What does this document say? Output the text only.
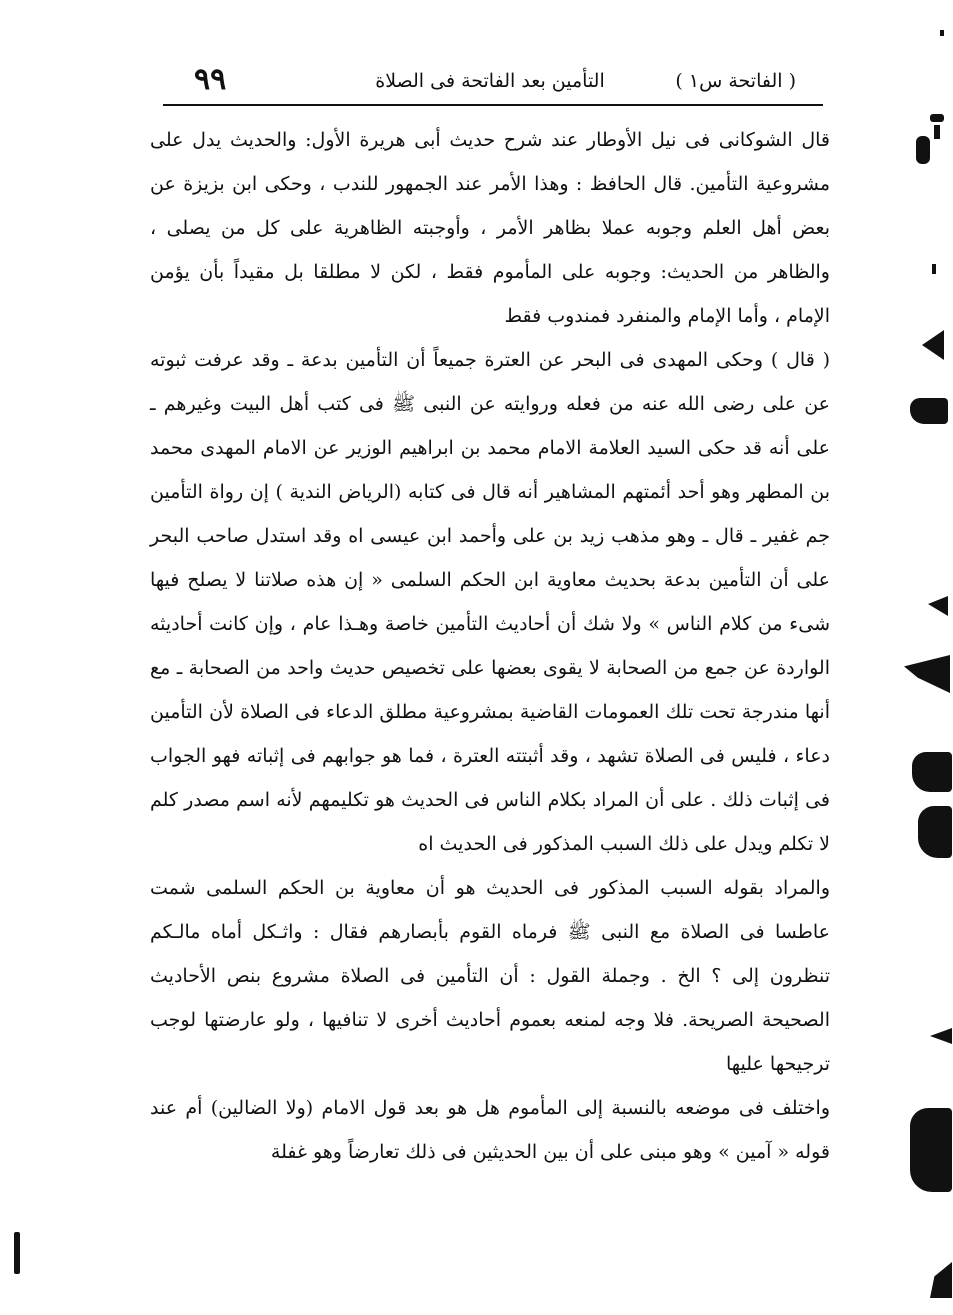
( الفاتحة س١ )
التأمين بعد الفاتحة فى الصلاة
٩٩

قال الشوكانى فى نيل الأوطار عند شرح حديث أبى هريرة الأول: والحديث يدل على مشروعية التأمين. قال الحافظ : وهذا الأمر عند الجمهور للندب ، وحكى ابن بزيزة عن بعض أهل العلم وجوبه عملا بظاهر الأمر ، وأوجبته الظاهرية على كل من يصلى ، والظاهر من الحديث: وجوبه على المأموم فقط ، لكن لا مطلقا بل مقيداً بأن يؤمن الإمام ، وأما الإمام والمنفرد فمندوب فقط

( قال ) وحكى المهدى فى البحر عن العترة جميعاً أن التأمين بدعة ـ وقد عرفت ثبوته عن على رضى الله عنه من فعله وروايته عن النبى ﷺ فى كتب أهل البيت وغيرهم ـ على أنه قد حكى السيد العلامة الامام محمد بن ابراهيم الوزير عن الامام المهدى محمد بن المطهر وهو أحد أئمتهم المشاهير أنه قال فى كتابه (الرياض الندية ) إن رواة التأمين جم غفير ـ قال ـ وهو مذهب زيد بن على وأحمد ابن عيسى اه وقد استدل صاحب البحر على أن التأمين بدعة بحديث معاوية ابن الحكم السلمى « إن هذه صلاتنا لا يصلح فيها شىء من كلام الناس » ولا شك أن أحاديث التأمين خاصة وهـذا عام ، وإن كانت أحاديثه الواردة عن جمع من الصحابة لا يقوى بعضها على تخصيص حديث واحد من الصحابة ـ مع أنها مندرجة تحت تلك العمومات القاضية بمشروعية مطلق الدعاء فى الصلاة لأن التأمين دعاء ، فليس فى الصلاة تشهد ، وقد أثبتته العترة ، فما هو جوابهم فى إثباته فهو الجواب فى إثبات ذلك . على أن المراد بكلام الناس فى الحديث هو تكليمهم لأنه اسم مصدر كلم لا تكلم ويدل على ذلك السبب المذكور فى الحديث اه

والمراد بقوله السبب المذكور فى الحديث هو أن معاوية بن الحكم السلمى شمت عاطسا فى الصلاة مع النبى ﷺ فرماه القوم بأبصارهم فقال : واثـكل أماه مالـكم تنظرون إلى ؟ الخ . وجملة القول : أن التأمين فى الصلاة مشروع بنص الأحاديث الصحيحة الصريحة. فلا وجه لمنعه بعموم أحاديث أخرى لا تنافيها ، ولو عارضتها لوجب ترجيحها عليها

واختلف فى موضعه بالنسبة إلى المأموم هل هو بعد قول الامام (ولا الضالين) أم عند قوله « آمين » وهو مبنى على أن بين الحديثين فى ذلك تعارضاً وهو غفلة
